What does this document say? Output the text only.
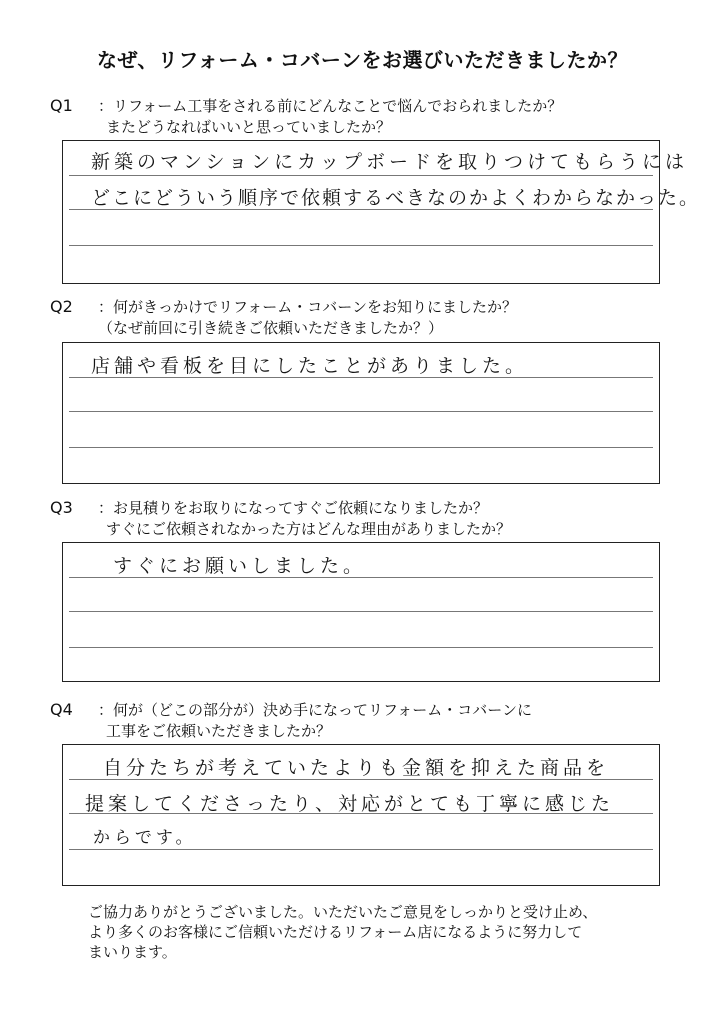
なぜ、リフォーム・コバーンをお選びいただきましたか？
Q1 ：リフォーム工事をされる前にどんなことで悩んでおられましたか？
またどうなればいいと思っていましたか？
新築のマンションにカップボードを取りつけてもらうには
どこにどういう順序で依頼するべきなのかよくわからなかった。
Q2 ：何がきっかけでリフォーム・コバーンをお知りにましたか？
（なぜ前回に引き続きご依頼いただきましたか？）
店舗や看板を目にしたことがありました。
Q3 ：お見積りをお取りになってすぐご依頼になりましたか？
すぐにご依頼されなかった方はどんな理由がありましたか？
すぐにお願いしました。
Q4 ：何が（どこの部分が）決め手になってリフォーム・コバーンに
工事をご依頼いただきましたか？
自分たちが考えていたよりも金額を抑えた商品を
提案してくださったり、対応がとても丁寧に感じた
からです。
ご協力ありがとうございました。いただいたご意見をしっかりと受け止め、
より多くのお客様にご信頼いただけるリフォーム店になるように努力して
まいります。
